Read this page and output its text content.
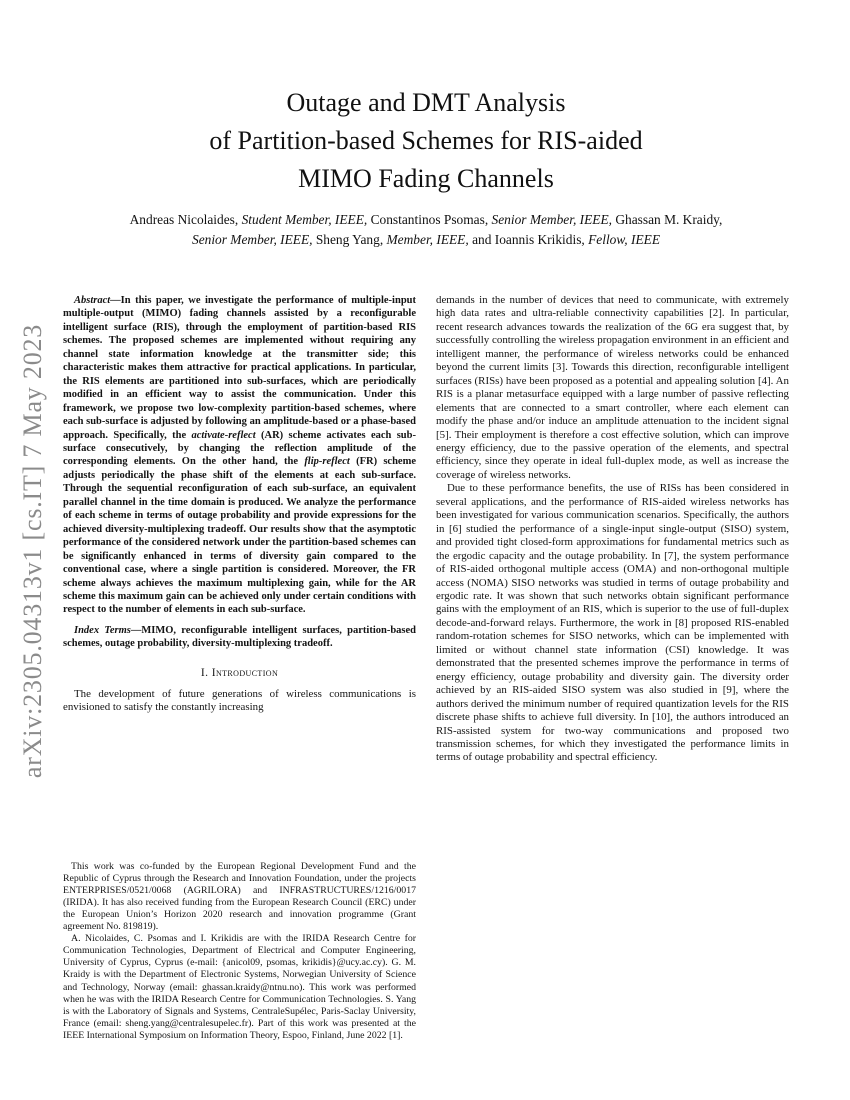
arXiv:2305.04313v1 [cs.IT] 7 May 2023
Outage and DMT Analysis
of Partition-based Schemes for RIS-aided
MIMO Fading Channels
Andreas Nicolaides, Student Member, IEEE, Constantinos Psomas, Senior Member, IEEE, Ghassan M. Kraidy,
Senior Member, IEEE, Sheng Yang, Member, IEEE, and Ioannis Krikidis, Fellow, IEEE

Abstract—In this paper, we investigate the performance of multiple-input multiple-output (MIMO) fading channels assisted by a reconfigurable intelligent surface (RIS), through the employment of partition-based RIS schemes. The proposed schemes are implemented without requiring any channel state information knowledge at the transmitter side; this characteristic makes them attractive for practical applications. In particular, the RIS elements are partitioned into sub-surfaces, which are periodically modified in an efficient way to assist the communication. Under this framework, we propose two low-complexity partition-based schemes, where each sub-surface is adjusted by following an amplitude-based or a phase-based approach. Specifically, the activate-reflect (AR) scheme activates each sub-surface consecutively, by changing the reflection amplitude of the corresponding elements. On the other hand, the flip-reflect (FR) scheme adjusts periodically the phase shift of the elements at each sub-surface. Through the sequential reconfiguration of each sub-surface, an equivalent parallel channel in the time domain is produced. We analyze the performance of each scheme in terms of outage probability and provide expressions for the achieved diversity-multiplexing tradeoff. Our results show that the asymptotic performance of the considered network under the partition-based schemes can be significantly enhanced in terms of diversity gain compared to the conventional case, where a single partition is considered. Moreover, the FR scheme always achieves the maximum multiplexing gain, while for the AR scheme this maximum gain can be achieved only under certain conditions with respect to the number of elements in each sub-surface.

Index Terms—MIMO, reconfigurable intelligent surfaces, partition-based schemes, outage probability, diversity-multiplexing tradeoff.

I. Introduction

The development of future generations of wireless communications is envisioned to satisfy the constantly increasing

This work was co-funded by the European Regional Development Fund and the Republic of Cyprus through the Research and Innovation Foundation, under the projects ENTERPRISES/0521/0068 (AGRILORA) and INFRASTRUCTURES/1216/0017 (IRIDA). It has also received funding from the European Research Council (ERC) under the European Union’s Horizon 2020 research and innovation programme (Grant agreement No. 819819).

A. Nicolaides, C. Psomas and I. Krikidis are with the IRIDA Research Centre for Communication Technologies, Department of Electrical and Computer Engineering, University of Cyprus, Cyprus (e-mail: {anicol09, psomas, krikidis}@ucy.ac.cy). G. M. Kraidy is with the Department of Electronic Systems, Norwegian University of Science and Technology, Norway (email: ghassan.kraidy@ntnu.no). This work was performed when he was with the IRIDA Research Centre for Communication Technologies. S. Yang is with the Laboratory of Signals and Systems, CentraleSupélec, Paris-Saclay University, France (email: sheng.yang@centralesupelec.fr). Part of this work was presented at the IEEE International Symposium on Information Theory, Espoo, Finland, June 2022 [1].

demands in the number of devices that need to communicate, with extremely high data rates and ultra-reliable connectivity capabilities [2]. In particular, recent research advances towards the realization of the 6G era suggest that, by successfully controlling the wireless propagation environment in an efficient and intelligent manner, the performance of wireless networks could be enhanced beyond the current limits [3]. Towards this direction, reconfigurable intelligent surfaces (RISs) have been proposed as a potential and appealing solution [4]. An RIS is a planar metasurface equipped with a large number of passive reflecting elements that are connected to a smart controller, where each element can modify the phase and/or induce an amplitude attenuation to the incident signal [5]. Their employment is therefore a cost effective solution, which can improve energy efficiency, due to the passive operation of the elements, and spectral efficiency, since they operate in ideal full-duplex mode, as well as increase the coverage of wireless networks.

Due to these performance benefits, the use of RISs has been considered in several applications, and the performance of RIS-aided wireless networks has been investigated for various communication scenarios. Specifically, the authors in [6] studied the performance of a single-input single-output (SISO) system, and provided tight closed-form approximations for fundamental metrics such as the ergodic capacity and the outage probability. In [7], the system performance of RIS-aided orthogonal multiple access (OMA) and non-orthogonal multiple access (NOMA) SISO networks was studied in terms of outage probability and ergodic rate. It was shown that such networks obtain significant performance gains with the employment of an RIS, which is superior to the use of full-duplex decode-and-forward relays. Furthermore, the work in [8] proposed RIS-enabled random-rotation schemes for SISO networks, which can be implemented with limited or without channel state information (CSI) knowledge. It was demonstrated that the presented schemes improve the performance in terms of energy efficiency, outage probability and diversity gain. The diversity order achieved by an RIS-aided SISO system was also studied in [9], where the authors derived the minimum number of required quantization levels for the RIS discrete phase shifts to achieve full diversity. In [10], the authors introduced an RIS-assisted system for two-way communications and proposed two transmission schemes, for which they investigated the performance limits in terms of outage probability and spectral efficiency.
